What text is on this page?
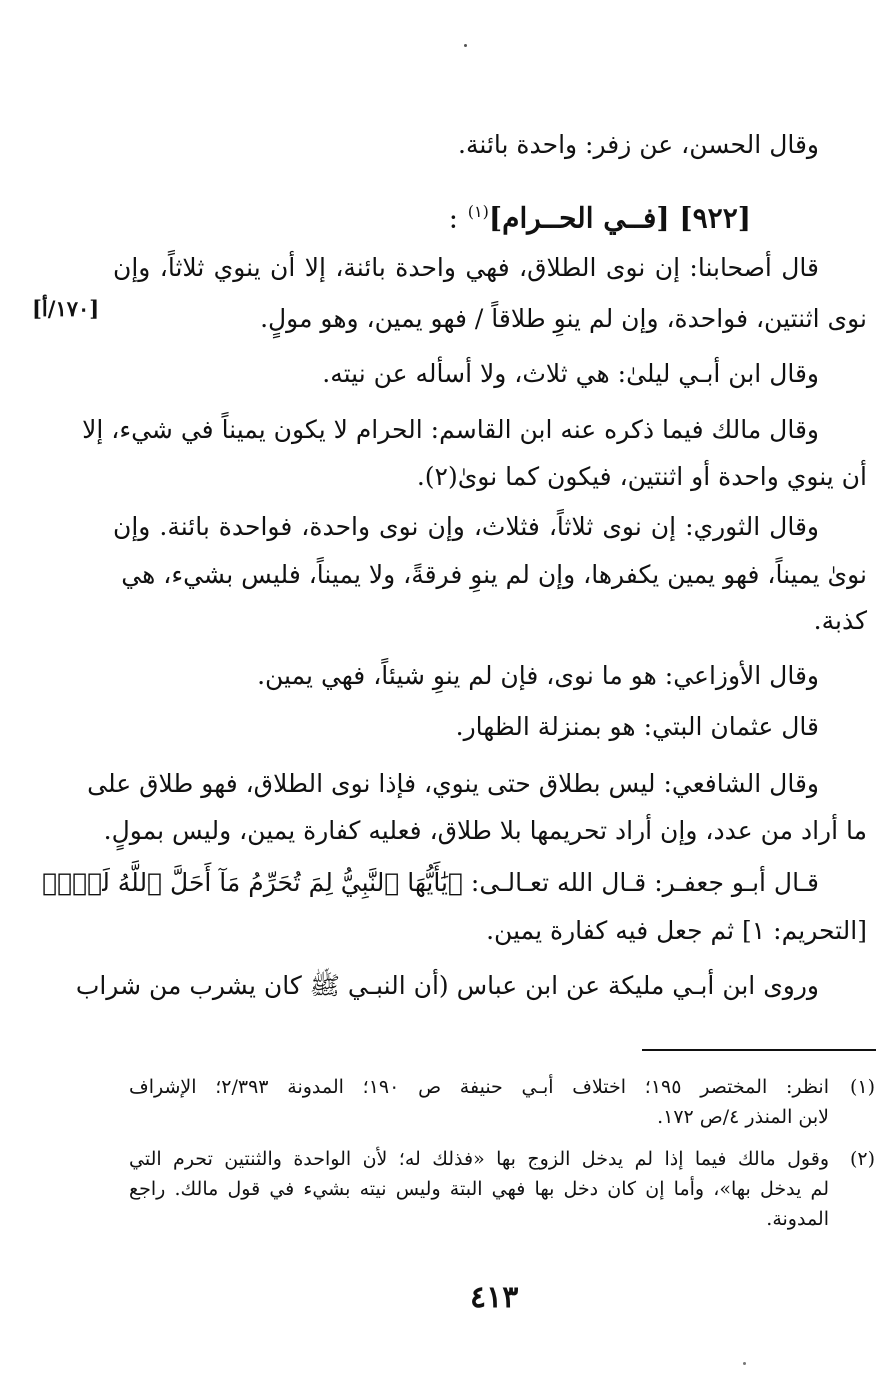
وقال الحسن، عن زفر: واحدة بائنة.
[٩٢٢] [فــي الحــرام]$^{(١)}$ :
قال أصحابنا: إن نوى الطلاق، فهي واحدة بائنة، إلا أن ينوي ثلاثاً، وإن
نوى اثنتين، فواحدة، وإن لم ينوِ طلاقاً / فهو يمين، وهو مولٍ.
[١٧٠/أ]
وقال ابن أبـي ليلىٰ: هي ثلاث، ولا أسأله عن نيته.
وقال مالك فيما ذكره عنه ابن القاسم: الحرام لا يكون يميناً في شيء، إلا
أن ينوي واحدة أو اثنتين، فيكون كما نوىٰ(٢).
وقال الثوري: إن نوى ثلاثاً، فثلاث، وإن نوى واحدة، فواحدة بائنة. وإن
نوىٰ يميناً، فهو يمين يكفرها، وإن لم ينوِ فرقةً، ولا يميناً، فليس بشيء، هي
كذبة.
وقال الأوزاعي: هو ما نوى، فإن لم ينوِ شيئاً، فهي يمين.
قال عثمان البتي: هو بمنزلة الظهار.
وقال الشافعي: ليس بطلاق حتى ينوي، فإذا نوى الطلاق، فهو طلاق على
ما أراد من عدد، وإن أراد تحريمها بلا طلاق، فعليه كفارة يمين، وليس بمولٍ.
قـال أبـو جعفـر: قـال الله تعـالـى: ﴿يَٰأَيُّهَا ٱلنَّبِيُّ لِمَ تُحَرِّمُ مَآ أَحَلَّ ٱللَّهُ لَكَۖ﴾
[التحريم: ١] ثم جعل فيه كفارة يمين.
وروى ابن أبـي مليكة عن ابن عباس (أن النبـي ﷺ كان يشرب من شراب
(١)
انظر: المختصر ١٩٥؛ اختلاف أبـي حنيفة ص ١٩٠؛ المدونة ٢/٣٩٣؛ الإشراف
لابن المنذر ٤/ص ١٧٢.
(٢)
وقول مالك فيما إذا لم يدخل الزوج بها «فذلك له؛ لأن الواحدة والثنتين تحرم التي
لم يدخل بها»، وأما إن كان دخل بها فهي البتة وليس نيته بشيء في قول مالك. راجع
المدونة.
٤١٣
